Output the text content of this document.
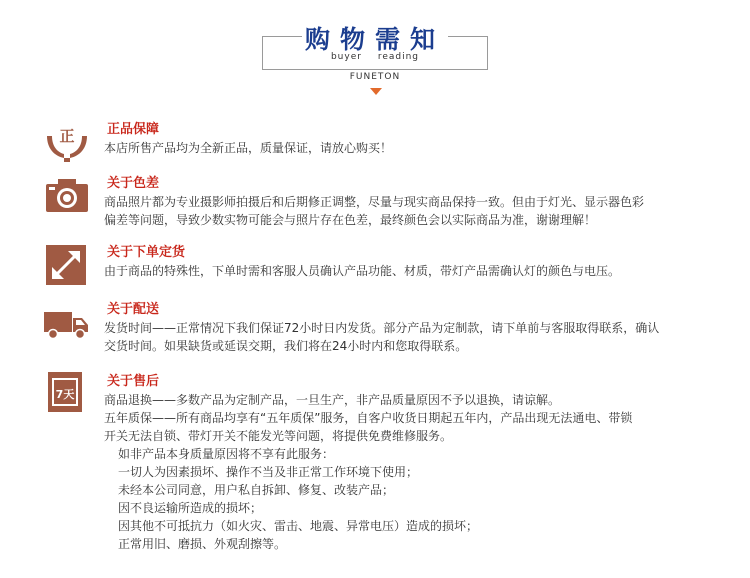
购物需知
buyer reading
FUNETON
正 正品保障
本店所售产品均为全新正品，质量保证，请放心购买！
关于色差
商品照片都为专业摄影师拍摄后和后期修正调整，尽量与现实商品保持一致。但由于灯光、显示器色彩
偏差等问题，导致少数实物可能会与照片存在色差，最终颜色会以实际商品为准，谢谢理解！
关于下单定货
由于商品的特殊性，下单时需和客服人员确认产品功能、材质，带灯产品需确认灯的颜色与电压。
关于配送
发货时间——正常情况下我们保证72小时日内发货。部分产品为定制款，请下单前与客服取得联系，确认
交货时间。如果缺货或延误交期，我们将在24小时内和您取得联系。
7天
关于售后
商品退换——多数产品为定制产品，一旦生产，非产品质量原因不予以退换，请谅解。
五年质保——所有商品均享有“五年质保”服务，自客户收货日期起五年内，产品出现无法通电、带锁
开关无法自锁、带灯开关不能发光等问题，将提供免费维修服务。
如非产品本身质量原因将不享有此服务：
一切人为因素损坏、操作不当及非正常工作环境下使用；
未经本公司同意，用户私自拆卸、修复、改装产品；
因不良运输所造成的损坏；
因其他不可抵抗力（如火灾、雷击、地震、异常电压）造成的损坏；
正常用旧、磨损、外观刮擦等。
